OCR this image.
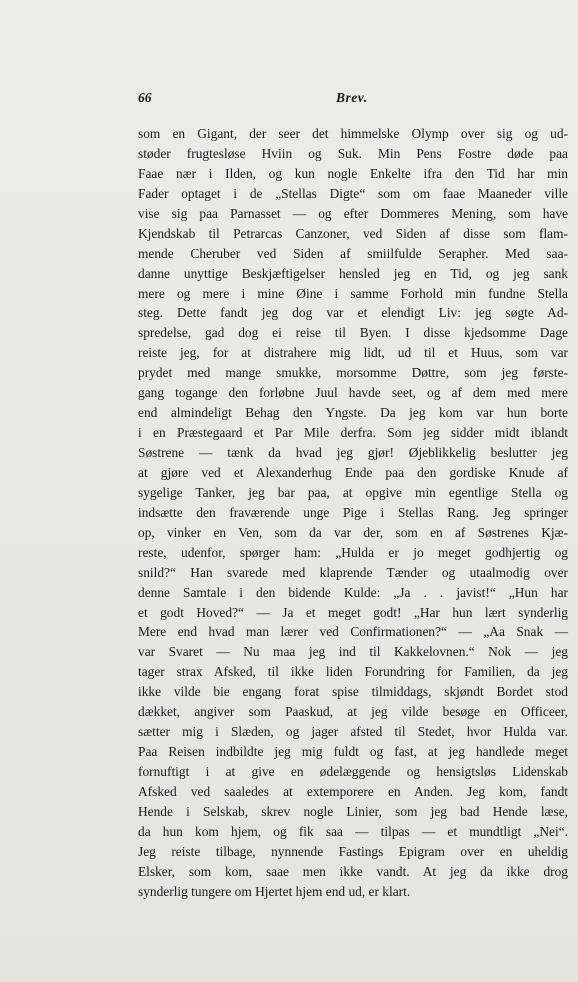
66	Brev.
som en Gigant, der seer det himmelske Olymp over sig og ud-
støder frugtesløse Hviin og Suk. Min Pens Fostre døde paa
Faae nær i Ilden, og kun nogle Enkelte ifra den Tid har min
Fader optaget i de „Stellas Digte“ som om faae Maaneder ville
vise sig paa Parnasset — og efter Dommeres Mening, som have
Kjendskab til Petrarcas Canzoner, ved Siden af disse som flam-
mende Cheruber ved Siden af smiilfulde Serapher. Med saa-
danne unyttige Beskjæftigelser hensled jeg en Tid, og jeg sank
mere og mere i mine Øine i samme Forhold min fundne Stella
steg. Dette fandt jeg dog var et elendigt Liv: jeg søgte Ad-
spredelse, gad dog ei reise til Byen. I disse kjedsomme Dage
reiste jeg, for at distrahere mig lidt, ud til et Huus, som var
prydet med mange smukke, morsomme Døttre, som jeg første-
gang togange den forløbne Juul havde seet, og af dem med mere
end almindeligt Behag den Yngste. Da jeg kom var hun borte
i en Præstegaard et Par Mile derfra. Som jeg sidder midt iblandt
Søstrene — tænk da hvad jeg gjør! Øjeblikkelig beslutter jeg
at gjøre ved et Alexanderhug Ende paa den gordiske Knude af
sygelige Tanker, jeg bar paa, at opgive min egentlige Stella og
indsætte den fraværende unge Pige i Stellas Rang. Jeg springer
op, vinker en Ven, som da var der, som en af Søstrenes Kjæ-
reste, udenfor, spørger ham: „Hulda er jo meget godhjertig og
snild?“ Han svarede med klaprende Tænder og utaalmodig over
denne Samtale i den bidende Kulde: „Ja . . javist!“ „Hun har
et godt Hoved?“ — Ja et meget godt! „Har hun lært synderlig
Mere end hvad man lærer ved Confirmationen?“ — „Aa Snak —
var Svaret — Nu maa jeg ind til Kakkelovnen.“ Nok — jeg
tager strax Afsked, til ikke liden Forundring for Familien, da jeg
ikke vilde bie engang forat spise tilmiddags, skjøndt Bordet stod
dækket, angiver som Paaskud, at jeg vilde besøge en Officeer,
sætter mig i Slæden, og jager afsted til Stedet, hvor Hulda var.
Paa Reisen indbildte jeg mig fuldt og fast, at jeg handlede meget
fornuftigt i at give en ødelæggende og hensigtsløs Lidenskab
Afsked ved saaledes at extemporere en Anden. Jeg kom, fandt
Hende i Selskab, skrev nogle Linier, som jeg bad Hende læse,
da hun kom hjem, og fik saa — tilpas — et mundtligt „Nei“.
Jeg reiste tilbage, nynnende Fastings Epigram over en uheldig
Elsker, som kom, saae men ikke vandt. At jeg da ikke drog
synderlig tungere om Hjertet hjem end ud, er klart.
